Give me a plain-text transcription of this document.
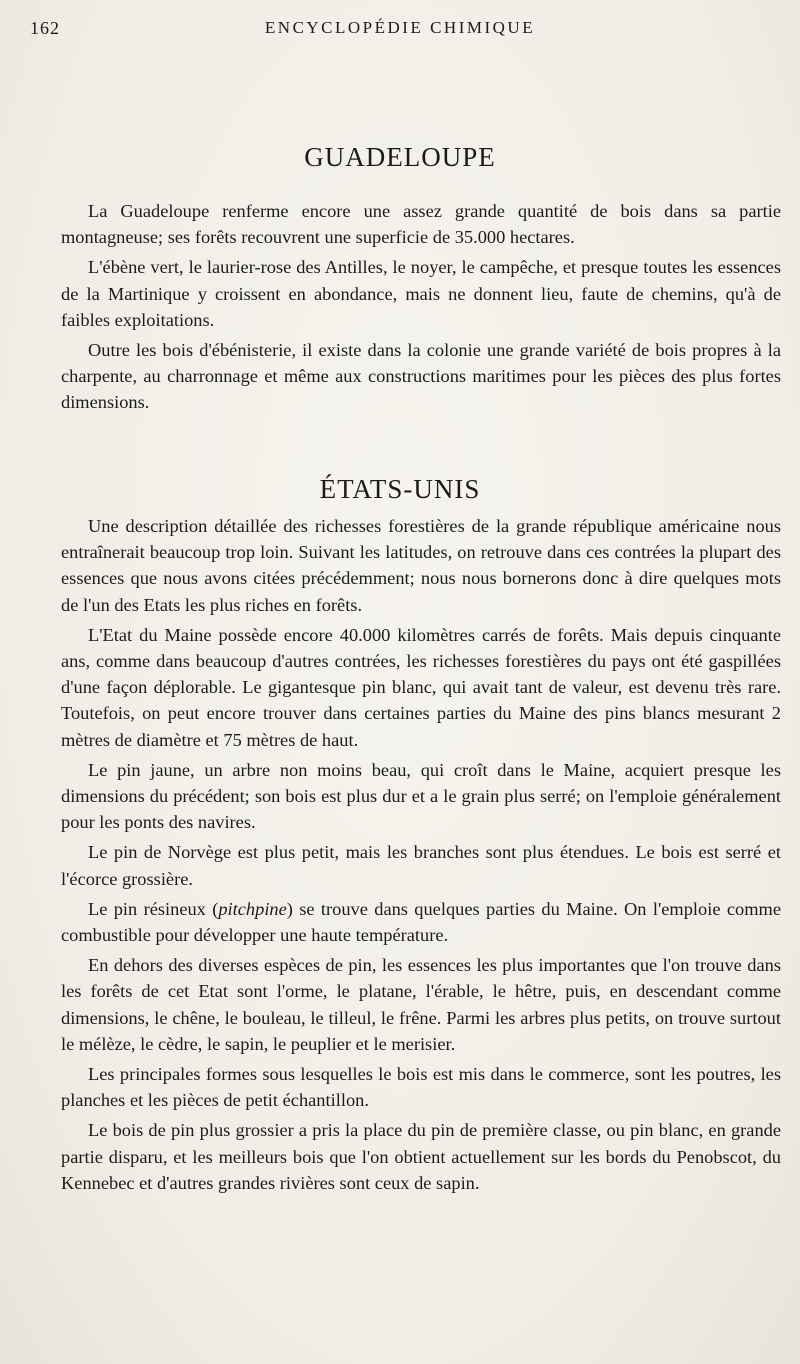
162	ENCYCLOPÉDIE CHIMIQUE
GUADELOUPE

La Guadeloupe renferme encore une assez grande quantité de bois dans sa partie montagneuse; ses forêts recouvrent une superficie de 35.000 hectares.

L'ébène vert, le laurier-rose des Antilles, le noyer, le campêche, et presque toutes les essences de la Martinique y croissent en abondance, mais ne donnent lieu, faute de chemins, qu'à de faibles exploitations.

Outre les bois d'ébénisterie, il existe dans la colonie une grande variété de bois propres à la charpente, au charronnage et même aux constructions maritimes pour les pièces des plus fortes dimensions.

ÉTATS-UNIS

Une description détaillée des richesses forestières de la grande république américaine nous entraînerait beaucoup trop loin. Suivant les latitudes, on retrouve dans ces contrées la plupart des essences que nous avons citées précédemment; nous nous bornerons donc à dire quelques mots de l'un des Etats les plus riches en forêts.

L'Etat du Maine possède encore 40.000 kilomètres carrés de forêts. Mais depuis cinquante ans, comme dans beaucoup d'autres contrées, les richesses forestières du pays ont été gaspillées d'une façon déplorable. Le gigantesque pin blanc, qui avait tant de valeur, est devenu très rare. Toutefois, on peut encore trouver dans certaines parties du Maine des pins blancs mesurant 2 mètres de diamètre et 75 mètres de haut.

Le pin jaune, un arbre non moins beau, qui croît dans le Maine, acquiert presque les dimensions du précédent; son bois est plus dur et a le grain plus serré; on l'emploie généralement pour les ponts des navires.

Le pin de Norvège est plus petit, mais les branches sont plus étendues. Le bois est serré et l'écorce grossière.

Le pin résineux (pitchpine) se trouve dans quelques parties du Maine. On l'emploie comme combustible pour développer une haute température.

En dehors des diverses espèces de pin, les essences les plus importantes que l'on trouve dans les forêts de cet Etat sont l'orme, le platane, l'érable, le hêtre, puis, en descendant comme dimensions, le chêne, le bouleau, le tilleul, le frêne. Parmi les arbres plus petits, on trouve surtout le mélèze, le cèdre, le sapin, le peuplier et le merisier.

Les principales formes sous lesquelles le bois est mis dans le commerce, sont les poutres, les planches et les pièces de petit échantillon.

Le bois de pin plus grossier a pris la place du pin de première classe, ou pin blanc, en grande partie disparu, et les meilleurs bois que l'on obtient actuellement sur les bords du Penobscot, du Kennebec et d'autres grandes rivières sont ceux de sapin.
